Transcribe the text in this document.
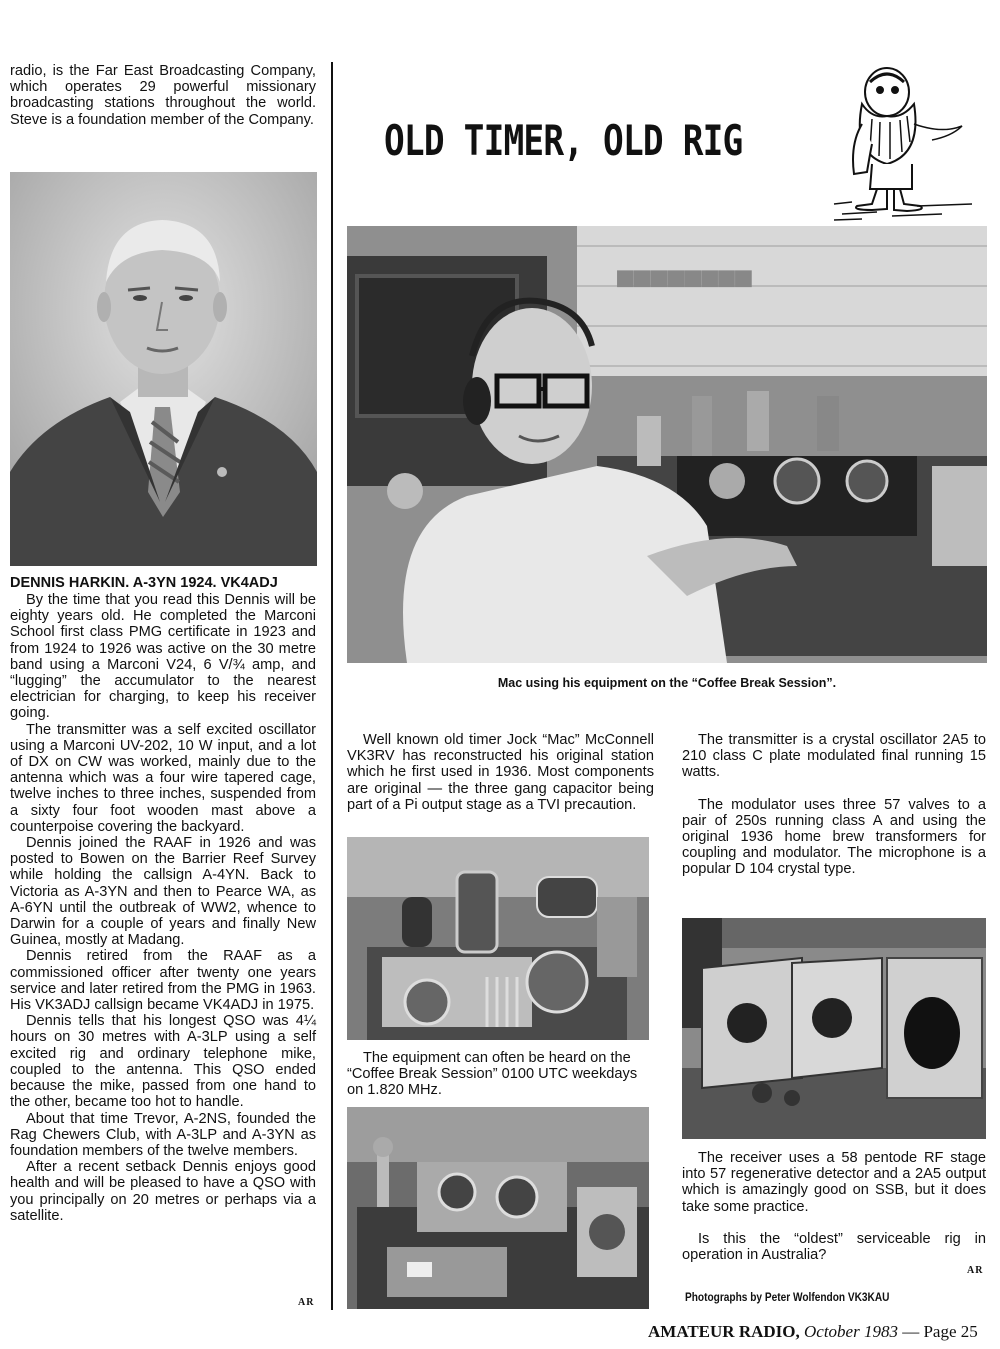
radio, is the Far East Broadcasting Company, which operates 29 powerful missionary broadcasting stations throughout the world. Steve is a foundation member of the Company.

DENNIS HARKIN. A-3YN 1924. VK4ADJ

By the time that you read this Dennis will be eighty years old. He completed the Marconi School first class PMG certificate in 1923 and from 1924 to 1926 was active on the 30 metre band using a Marconi V24, 6 V/¾ amp, and “lugging” the accumulator to the nearest electrician for charging, to keep his receiver going.

The transmitter was a self excited oscillator using a Marconi UV-202, 10 W input, and a lot of DX on CW was worked, mainly due to the antenna which was a four wire tapered cage, twelve inches to three inches, suspended from a sixty four foot wooden mast above a counterpoise covering the backyard.

Dennis joined the RAAF in 1926 and was posted to Bowen on the Barrier Reef Survey while holding the callsign A-4YN. Back to Victoria as A-3YN and then to Pearce WA, as A-6YN until the outbreak of WW2, whence to Darwin for a couple of years and finally New Guinea, mostly at Madang.

Dennis retired from the RAAF as a commissioned officer after twenty one years service and later retired from the PMG in 1963. His VK3ADJ callsign became VK4ADJ in 1975.

Dennis tells that his longest QSO was 4¼ hours on 30 metres with A-3LP using a self excited rig and ordinary telephone mike, coupled to the antenna. This QSO ended because the mike, passed from one hand to the other, became too hot to handle.

About that time Trevor, A-2NS, founded the Rag Chewers Club, with A-3LP and A-3YN as foundation members of the twelve members.

After a recent setback Dennis enjoys good health and will be pleased to have a QSO with you principally on 20 metres or perhaps via a satellite.

AR
OLD TIMER, OLD RIG
■■■■■■■■
Mac using his equipment on the “Coffee Break Session”.

Well known old timer Jock “Mac” McConnell VK3RV has reconstructed his original station which he first used in 1936. Most components are original — the three gang capacitor being part of a Pi output stage as a TVI precaution.

The equipment can often be heard on the “Coffee Break Session” 0100 UTC weekdays on 1.820 MHz.

The transmitter is a crystal oscillator 2A5 to 210 class C plate modulated final running 15 watts.

The modulator uses three 57 valves to a pair of 250s running class A and using the original 1936 home brew transformers for coupling and modulator. The microphone is a popular D 104 crystal type.

The receiver uses a 58 pentode RF stage into 57 regenerative detector and a 2A5 output which is amazingly good on SSB, but it does take some practice.

Is this the “oldest” serviceable rig in operation in Australia?

AR
Photographs by Peter Wolfendon VK3KAU
AMATEUR RADIO, October 1983 — Page 25
